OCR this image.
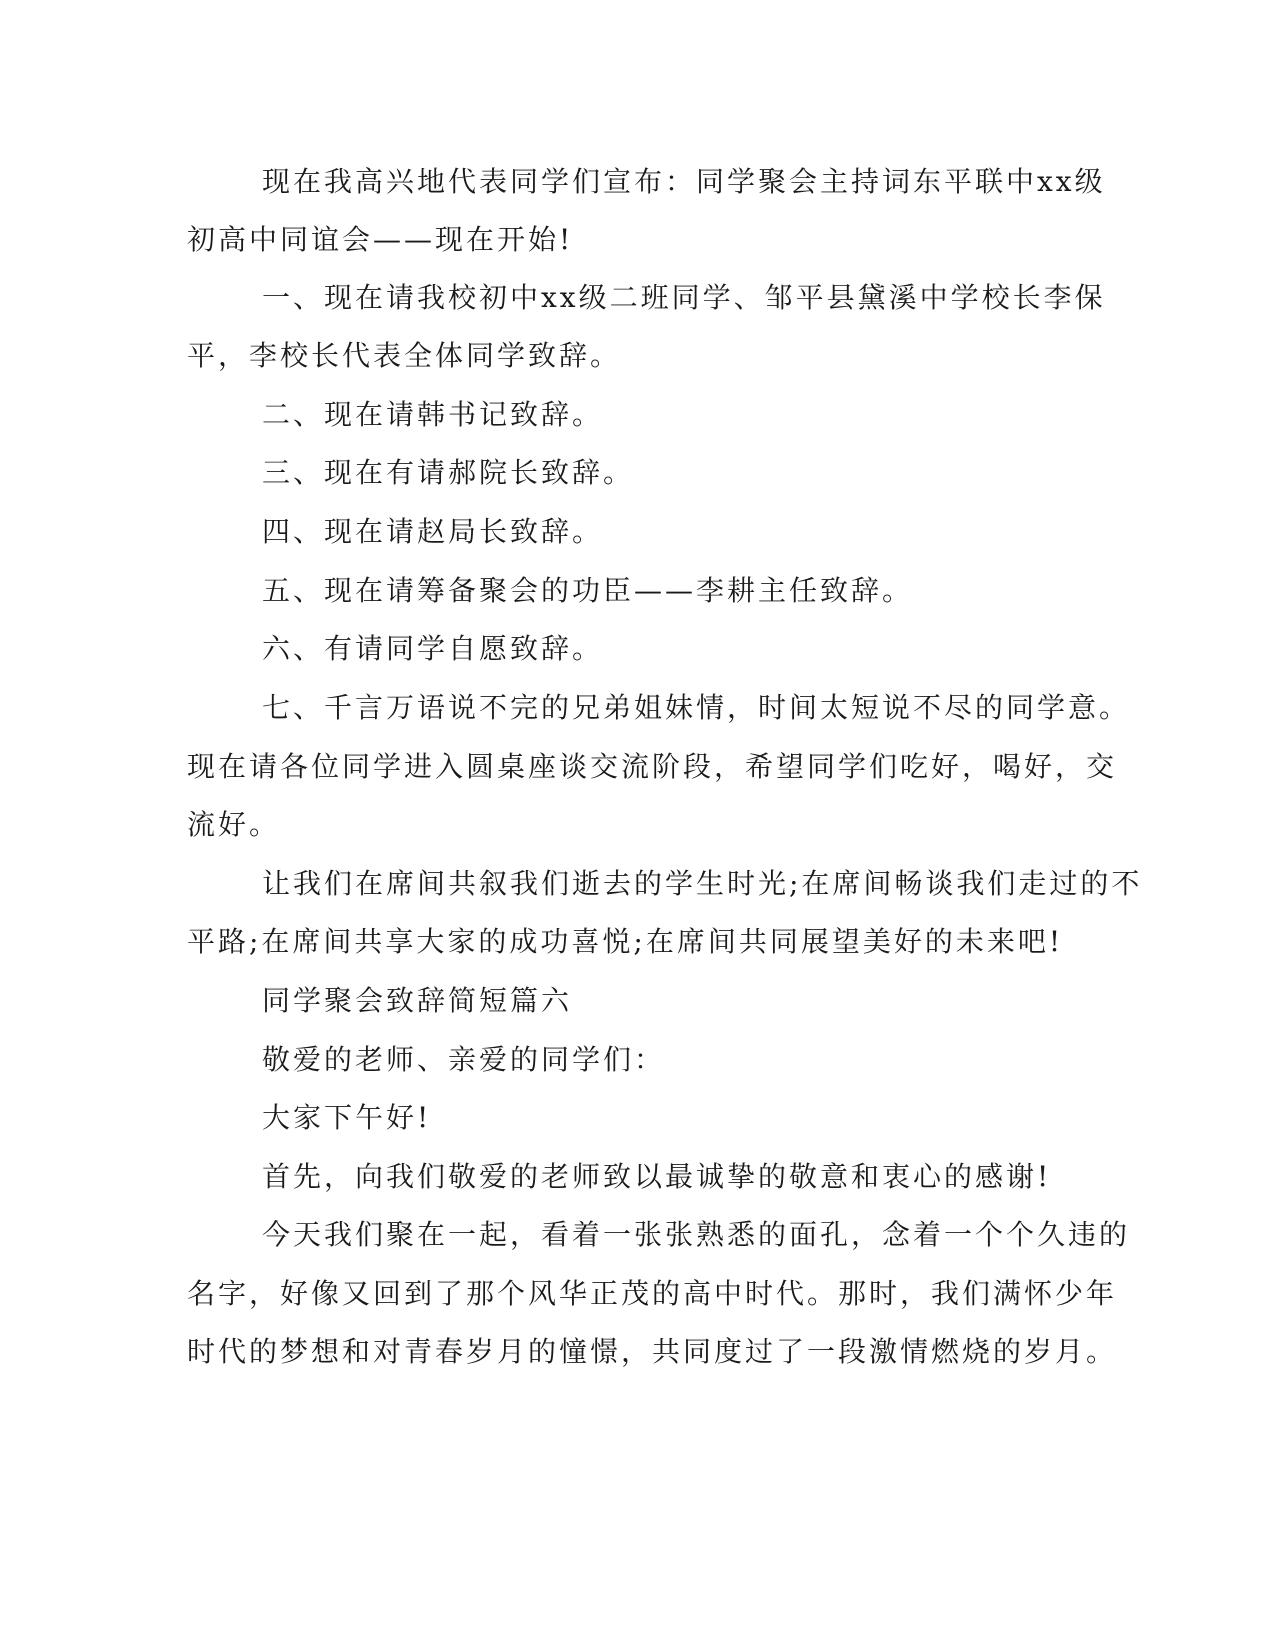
现在我高兴地代表同学们宣布：同学聚会主持词东平联中xx级
初高中同谊会——现在开始!
一、现在请我校初中xx级二班同学、邹平县黛溪中学校长李保
平，李校长代表全体同学致辞。
二、现在请韩书记致辞。
三、现在有请郝院长致辞。
四、现在请赵局长致辞。
五、现在请筹备聚会的功臣——李耕主任致辞。
六、有请同学自愿致辞。
七、千言万语说不完的兄弟姐妹情，时间太短说不尽的同学意。
现在请各位同学进入圆桌座谈交流阶段，希望同学们吃好，喝好，交
流好。
让我们在席间共叙我们逝去的学生时光;在席间畅谈我们走过的不
平路;在席间共享大家的成功喜悦;在席间共同展望美好的未来吧!
同学聚会致辞简短篇六
敬爱的老师、亲爱的同学们：
大家下午好!
首先，向我们敬爱的老师致以最诚挚的敬意和衷心的感谢!
今天我们聚在一起，看着一张张熟悉的面孔，念着一个个久违的
名字，好像又回到了那个风华正茂的高中时代。那时，我们满怀少年
时代的梦想和对青春岁月的憧憬，共同度过了一段激情燃烧的岁月。
